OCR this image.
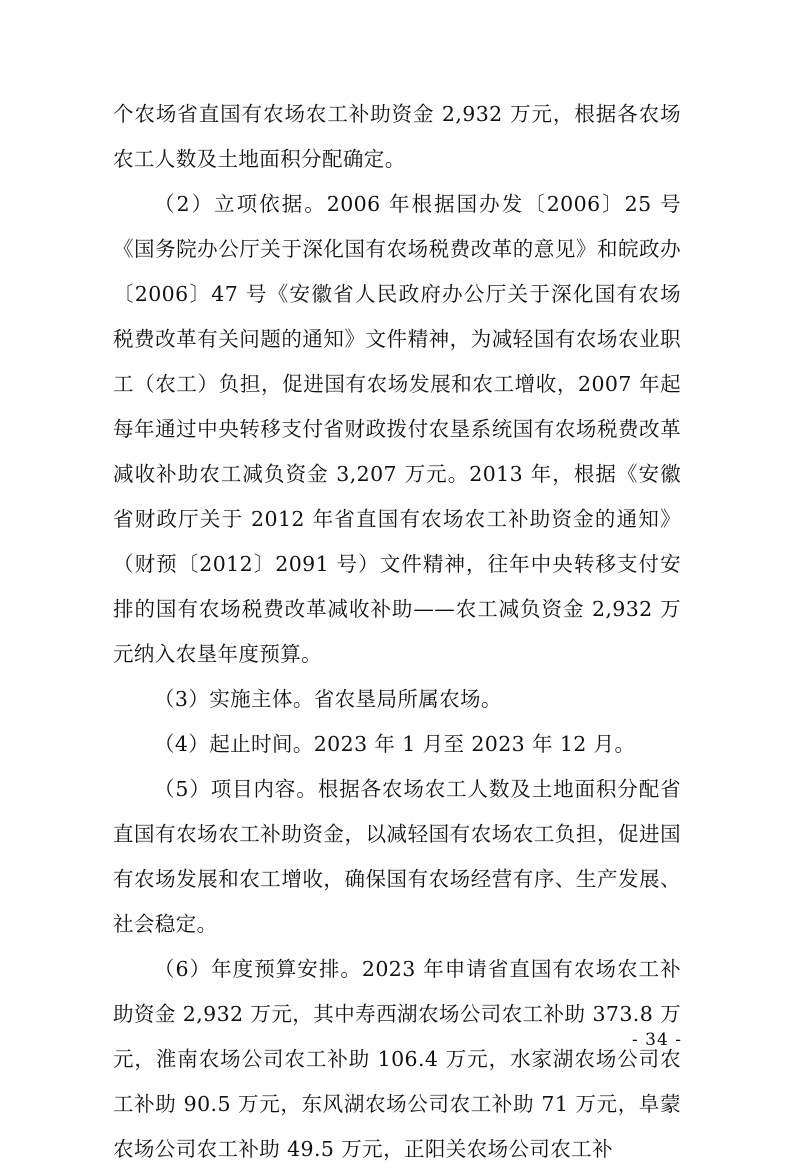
个农场省直国有农场农工补助资金 2,932 万元，根据各农场农工人数及土地面积分配确定。

（2）立项依据。2006 年根据国办发〔2006〕25 号《国务院办公厅关于深化国有农场税费改革的意见》和皖政办〔2006〕47 号《安徽省人民政府办公厅关于深化国有农场税费改革有关问题的通知》文件精神，为减轻国有农场农业职工（农工）负担，促进国有农场发展和农工增收，2007 年起每年通过中央转移支付省财政拨付农垦系统国有农场税费改革减收补助农工减负资金 3,207 万元。2013 年，根据《安徽省财政厅关于 2012 年省直国有农场农工补助资金的通知》（财预〔2012〕2091 号）文件精神，往年中央转移支付安排的国有农场税费改革减收补助——农工减负资金 2,932 万元纳入农垦年度预算。

（3）实施主体。省农垦局所属农场。

（4）起止时间。2023 年 1 月至 2023 年 12 月。

（5）项目内容。根据各农场农工人数及土地面积分配省直国有农场农工补助资金，以减轻国有农场农工负担，促进国有农场发展和农工增收，确保国有农场经营有序、生产发展、社会稳定。

（6）年度预算安排。2023 年申请省直国有农场农工补助资金 2,932 万元，其中寿西湖农场公司农工补助 373.8 万元，淮南农场公司农工补助 106.4 万元，水家湖农场公司农工补助 90.5 万元，东风湖农场公司农工补助 71 万元，阜蒙农场公司农工补助 49.5 万元，正阳关农场公司农工补

- 34 -
